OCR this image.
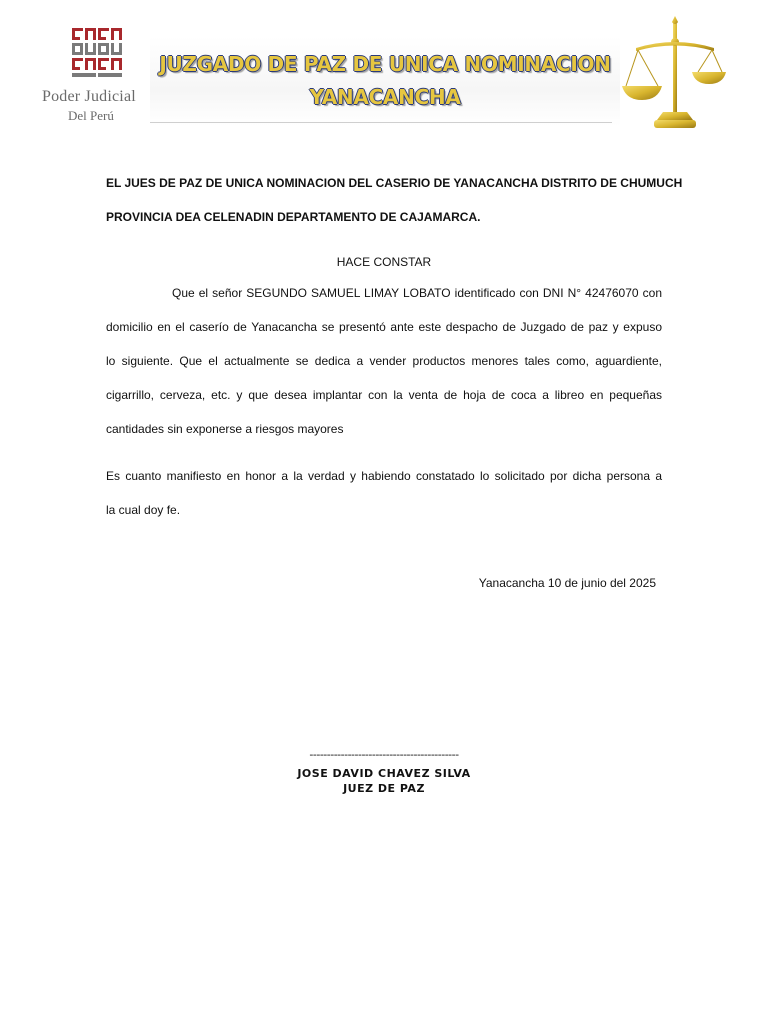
Poder Judicial
Del Perú
JUZGADO DE PAZ DE UNICA NOMINACION
YANACANCHA
EL JUES DE PAZ DE UNICA NOMINACION DEL CASERIO DE YANACANCHA DISTRITO DE CHUMUCH
PROVINCIA DEA CELENADIN DEPARTAMENTO DE CAJAMARCA.
HACE CONSTAR
Que el señor SEGUNDO SAMUEL LIMAY LOBATO identificado con DNI N° 42476070 con
domicilio en el caserío de Yanacancha se presentó ante este despacho de Juzgado de paz y expuso
lo siguiente. Que el actualmente se dedica a vender productos menores tales como, aguardiente,
cigarrillo, cerveza, etc. y que desea implantar con la venta de hoja de coca a libreo en pequeñas
cantidades sin exponerse a riesgos mayores
Es cuanto manifiesto en honor a la verdad y habiendo constatado lo solicitado por dicha persona a
la cual doy fe.
Yanacancha 10 de junio del 2025
-------------------------------------------
JOSE DAVID CHAVEZ SILVA
JUEZ DE PAZ
